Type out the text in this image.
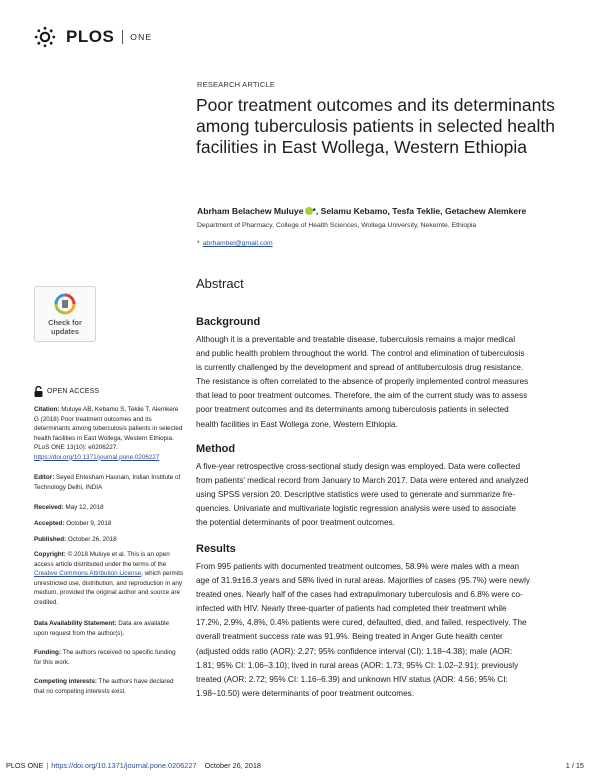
PLOS ONE
Check for
updates
OPEN ACCESS
Citation: Muluye AB, Kebamo S, Teklie T, Alemkere G (2018) Poor treatment outcomes and its determinants among tuberculosis patients in selected health facilities in East Wollega, Western Ethiopia. PLoS ONE 13(10): e0206227. https://doi.org/10.1371/journal.pone.0206227
Editor: Seyed Ehtesham Hasnain, Indian Institute of Technology Delhi, INDIA
Received: May 12, 2018
Accepted: October 9, 2018
Published: October 26, 2018
Copyright: © 2018 Muluye et al. This is an open access article distributed under the terms of the Creative Commons Attribution License, which permits unrestricted use, distribution, and reproduction in any medium, provided the original author and source are credited.
Data Availability Statement: Data are available upon request from the author(s).
Funding: The authors received no specific funding for this work.
Competing interests: The authors have declared that no competing interests exist.
RESEARCH ARTICLE
Poor treatment outcomes and its determinants among tuberculosis patients in selected health facilities in East Wollega, Western Ethiopia
Abrham Belachew Muluye *, Selamu Kebamo, Tesfa Teklie, Getachew Alemkere
Department of Pharmacy, College of Health Sciences, Wollega University, Nekemte, Ethiopia
* abrhambel@gmail.com
Abstract
Background
Although it is a preventable and treatable disease, tuberculosis remains a major medical
and public health problem throughout the world. The control and elimination of tuberculosis
is currently challenged by the development and spread of antituberculosis drug resistance.
The resistance is often correlated to the absence of properly implemented control measures
that lead to poor treatment outcomes. Therefore, the aim of the current study was to assess
poor treatment outcomes and its determinants among tuberculosis patients in selected
health facilities in East Wollega zone, Western Ethiopia.
Method
A five-year retrospective cross-sectional study design was employed. Data were collected
from patients' medical record from January to March 2017. Data were entered and analyzed
using SPSS version 20. Descriptive statistics were used to generate and summarize fre-
quencies. Univariate and multivariate logistic regression analysis were used to associate
the potential determinants of poor treatment outcomes.
Results
From 995 patients with documented treatment outcomes, 58.9% were males with a mean
age of 31.9±16.3 years and 58% lived in rural areas. Majorities of cases (95.7%) were newly
treated ones. Nearly half of the cases had extrapulmonary tuberculosis and 6.8% were co-
infected with HIV. Nearly three-quarter of patients had completed their treatment while
17.2%, 2.9%, 4.8%, 0.4% patients were cured, defaulted, died, and failed, respectively. The
overall treatment success rate was 91.9%. Being treated in Anger Gute health center
(adjusted odds ratio (AOR): 2.27; 95% confidence interval (CI): 1.18–4.38); male (AOR:
1.81; 95% CI: 1.06–3.10); lived in rural areas (AOR: 1.73; 95% CI: 1.02–2.91); previously
treated (AOR: 2.72; 95% CI: 1.16–6.39) and unknown HIV status (AOR: 4.56; 95% CI:
1.98–10.50) were determinants of poor treatment outcomes.
PLOS ONE | https://doi.org/10.1371/journal.pone.0206227 October 26, 2018	1 / 15
